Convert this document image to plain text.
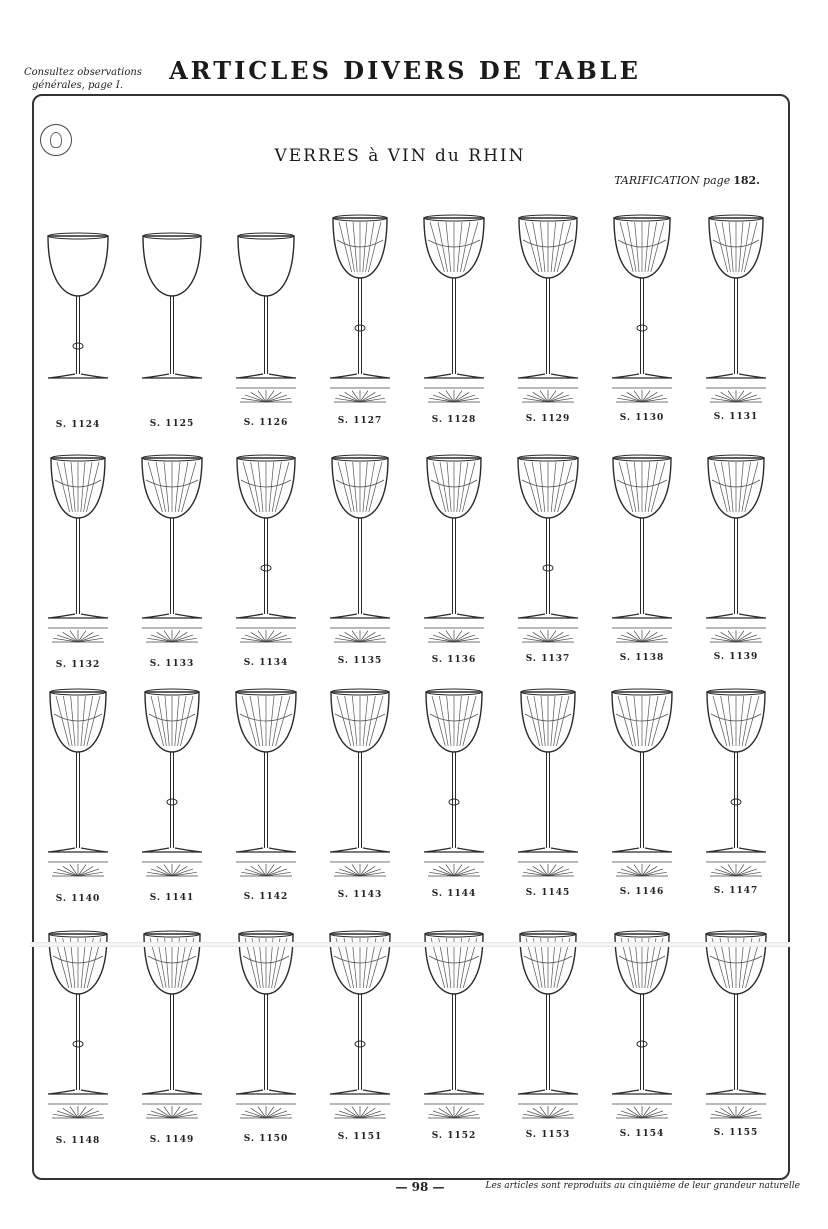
Consultez observations
générales, page I.
ARTICLES DIVERS DE TABLE
VERRES à VIN du RHIN
TARIFICATION page 182.
S. 1124	S. 1125	S. 1126	S. 1127	S. 1128	S. 1129	S. 1130	S. 1131
S. 1132	S. 1133	S. 1134	S. 1135	S. 1136	S. 1137	S. 1138	S. 1139
S. 1140	S. 1141	S. 1142	S. 1143	S. 1144	S. 1145	S. 1146	S. 1147
S. 1148	S. 1149	S. 1150	S. 1151	S. 1152	S. 1153	S. 1154	S. 1155
— 98 —	Les articles sont reproduits au cinquième de leur grandeur naturelle
